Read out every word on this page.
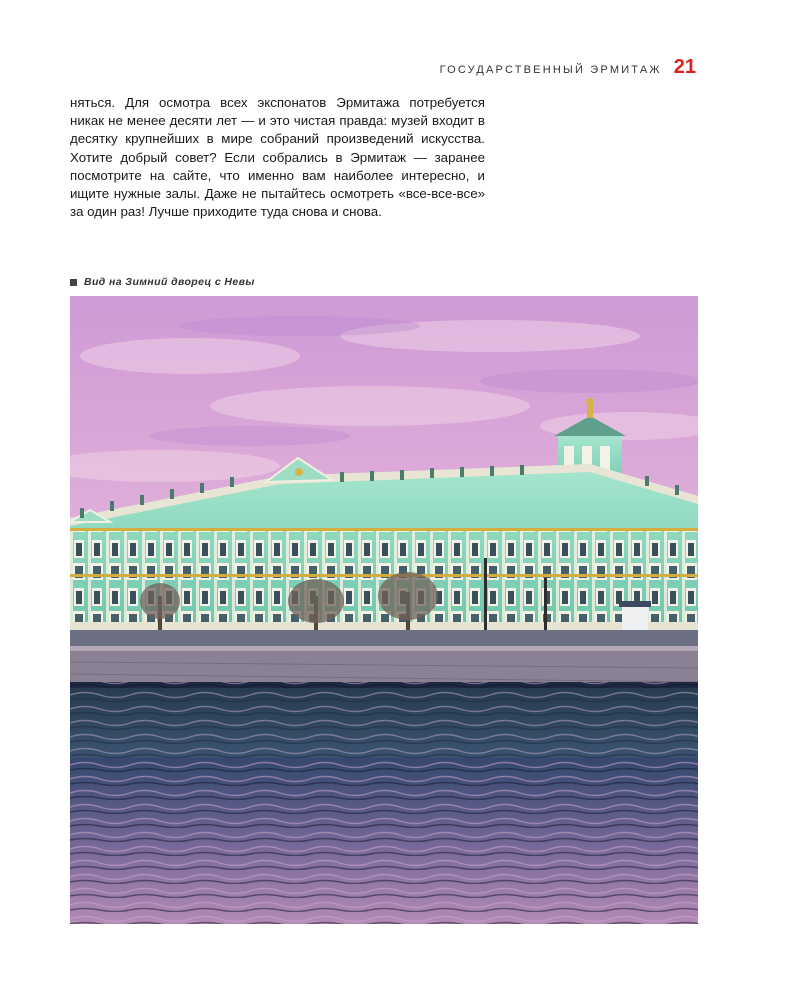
ГОСУДАРСТВЕННЫЙ ЭРМИТАЖ 21

няться. Для осмотра всех экспонатов Эрмитажа потребуется никак не менее десяти лет — и это чистая правда: музей входит в десятку крупнейших в мире собраний произведений искусства. Хотите добрый совет? Если собрались в Эрмитаж — заранее посмотрите на сайте, что именно вам наиболее интересно, и ищите нужные залы. Даже не пытайтесь осмотреть «все-все-все» за один раз! Лучше приходите туда снова и снова.

Вид на Зимний дворец с Невы
